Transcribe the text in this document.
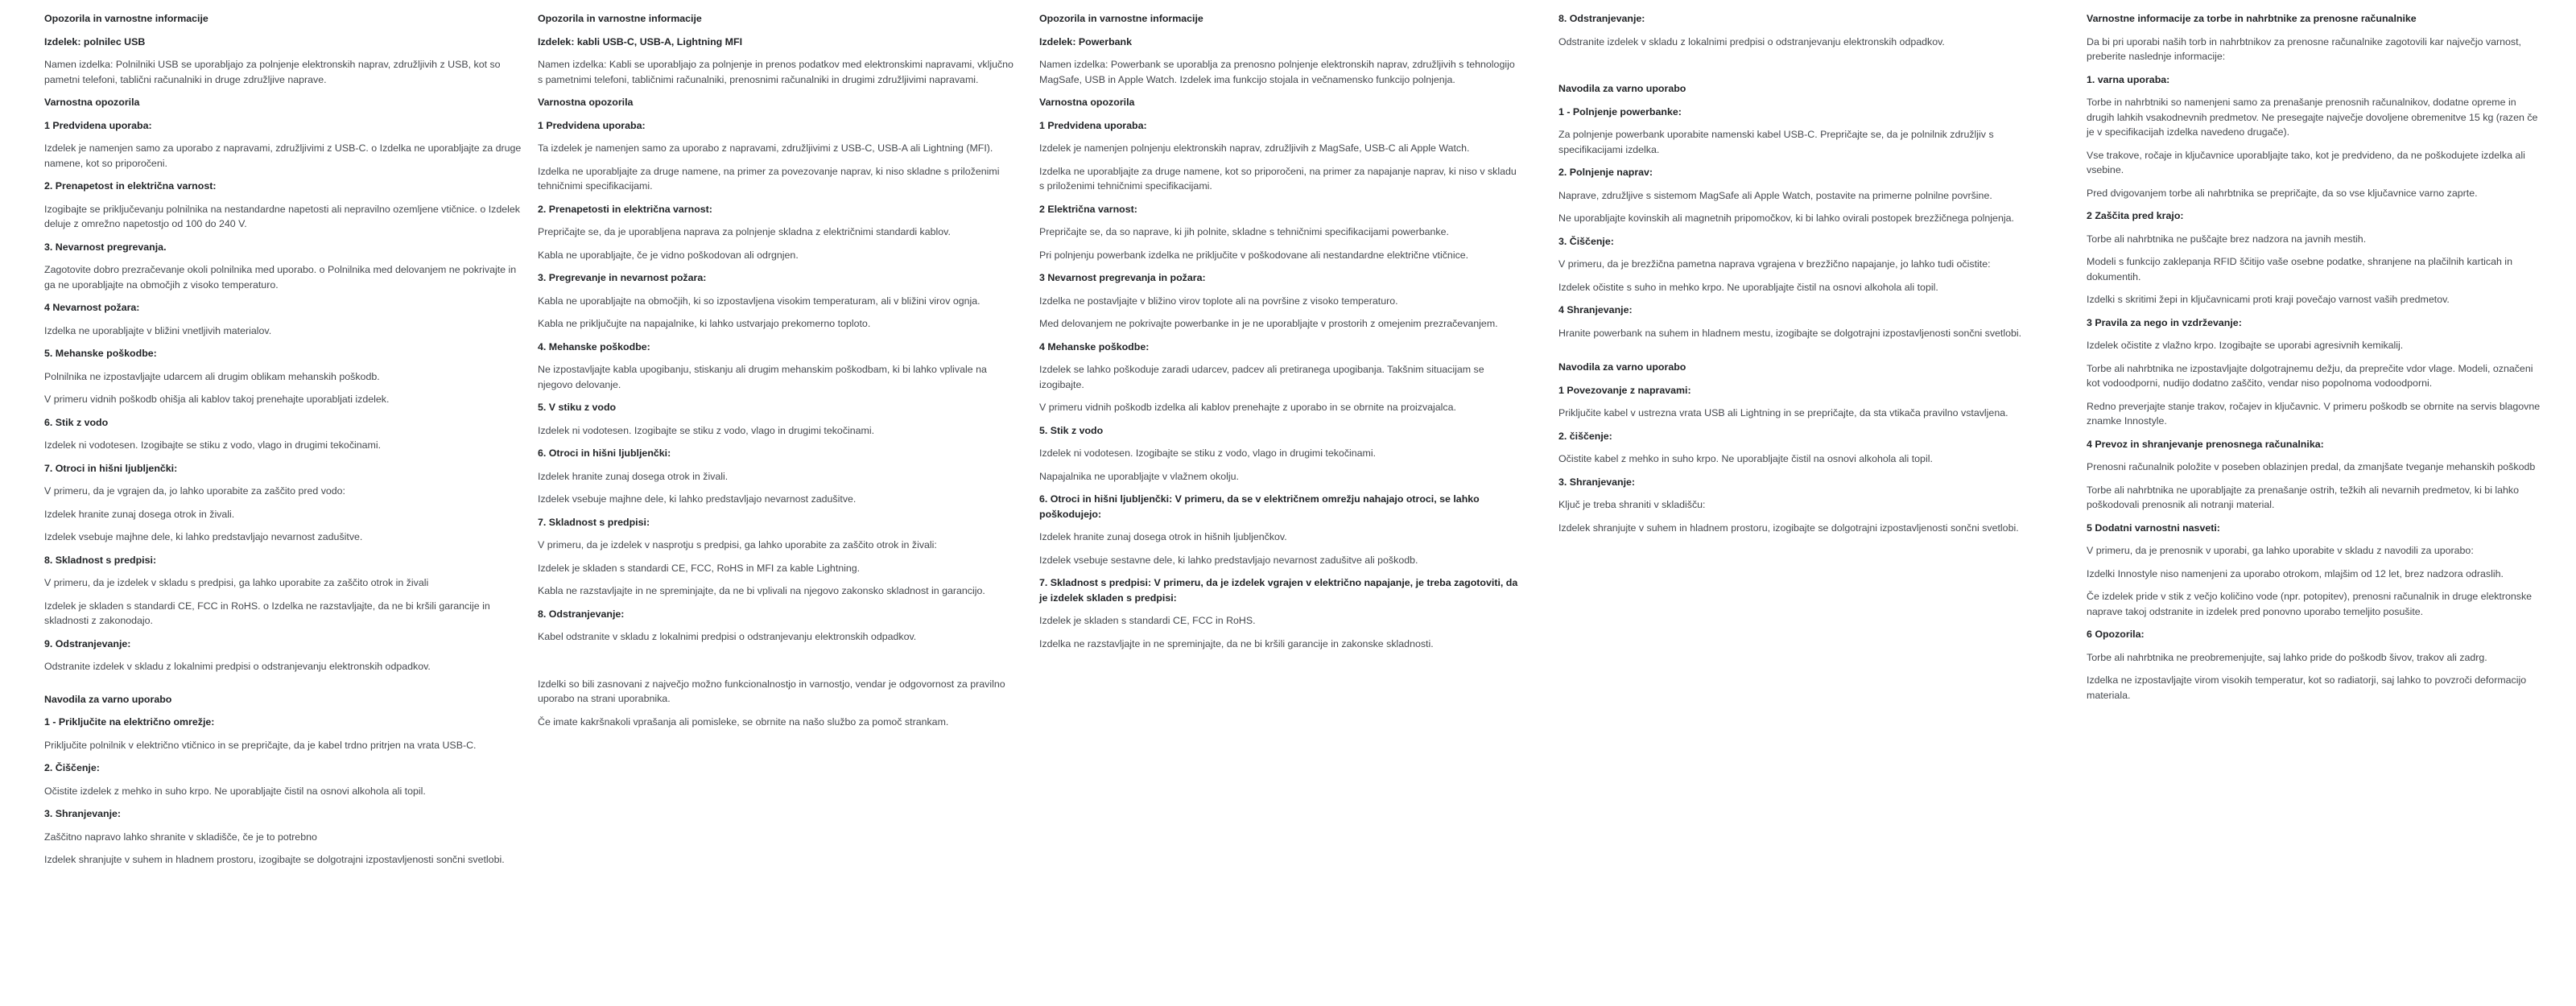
Opozorila in varnostne informacije
Izdelek: polnilec USB
Namen izdelka: Polnilniki USB se uporabljajo za polnjenje elektronskih naprav, združljivih z USB, kot so pametni telefoni, tablični računalniki in druge združljive naprave.
Varnostna opozorila
1 Predvidena uporaba:
Izdelek je namenjen samo za uporabo z napravami, združljivimi z USB-C. o Izdelka ne uporabljajte za druge namene, kot so priporočeni.
2. Prenapetost in električna varnost:
Izogibajte se priključevanju polnilnika na nestandardne napetosti ali nepravilno ozemljene vtičnice. o Izdelek deluje z omrežno napetostjo od 100 do 240 V.
3. Nevarnost pregrevanja.
Zagotovite dobro prezračevanje okoli polnilnika med uporabo. o Polnilnika med delovanjem ne pokrivajte in ga ne uporabljajte na območjih z visoko temperaturo.
4 Nevarnost požara:
Izdelka ne uporabljajte v bližini vnetljivih materialov.
5. Mehanske poškodbe:
Polnilnika ne izpostavljajte udarcem ali drugim oblikam mehanskih poškodb.
V primeru vidnih poškodb ohišja ali kablov takoj prenehajte uporabljati izdelek.
6. Stik z vodo
Izdelek ni vodotesen. Izogibajte se stiku z vodo, vlago in drugimi tekočinami.
7. Otroci in hišni ljubljenčki:
V primeru, da je vgrajen da, jo lahko uporabite za zaščito pred vodo:
Izdelek hranite zunaj dosega otrok in živali.
Izdelek vsebuje majhne dele, ki lahko predstavljajo nevarnost zadušitve.
8. Skladnost s predpisi:
V primeru, da je izdelek v skladu s predpisi, ga lahko uporabite za zaščito otrok in živali
Izdelek je skladen s standardi CE, FCC in RoHS. o Izdelka ne razstavljajte, da ne bi kršili garancije in skladnosti z zakonodajo.
9. Odstranjevanje:
Odstranite izdelek v skladu z lokalnimi predpisi o odstranjevanju elektronskih odpadkov.
Navodila za varno uporabo
1 - Priključite na električno omrežje:
Priključite polnilnik v električno vtičnico in se prepričajte, da je kabel trdno pritrjen na vrata USB-C.
2. Čiščenje:
Očistite izdelek z mehko in suho krpo. Ne uporabljajte čistil na osnovi alkohola ali topil.
3. Shranjevanje:
Zaščitno napravo lahko shranite v skladišče, če je to potrebno
Izdelek shranjujte v suhem in hladnem prostoru, izogibajte se dolgotrajni izpostavljenosti sončni svetlobi.
Opozorila in varnostne informacije
Izdelek: kabli USB-C, USB-A, Lightning MFI
Namen izdelka: Kabli se uporabljajo za polnjenje in prenos podatkov med elektronskimi napravami, vključno s pametnimi telefoni, tabličnimi računalniki, prenosnimi računalniki in drugimi združljivimi napravami.
Varnostna opozorila
1 Predvidena uporaba:
Ta izdelek je namenjen samo za uporabo z napravami, združljivimi z USB-C, USB-A ali Lightning (MFI).
Izdelka ne uporabljajte za druge namene, na primer za povezovanje naprav, ki niso skladne s priloženimi tehničnimi specifikacijami.
2. Prenapetosti in električna varnost:
Prepričajte se, da je uporabljena naprava za polnjenje skladna z električnimi standardi kablov.
Kabla ne uporabljajte, če je vidno poškodovan ali odrgnjen.
3. Pregrevanje in nevarnost požara:
Kabla ne uporabljajte na območjih, ki so izpostavljena visokim temperaturam, ali v bližini virov ognja.
Kabla ne priključujte na napajalnike, ki lahko ustvarjajo prekomerno toploto.
4. Mehanske poškodbe:
Ne izpostavljajte kabla upogibanju, stiskanju ali drugim mehanskim poškodbam, ki bi lahko vplivale na njegovo delovanje.
5. V stiku z vodo
Izdelek ni vodotesen. Izogibajte se stiku z vodo, vlago in drugimi tekočinami.
6. Otroci in hišni ljubljenčki:
Izdelek hranite zunaj dosega otrok in živali.
Izdelek vsebuje majhne dele, ki lahko predstavljajo nevarnost zadušitve.
7. Skladnost s predpisi:
V primeru, da je izdelek v nasprotju s predpisi, ga lahko uporabite za zaščito otrok in živali:
Izdelek je skladen s standardi CE, FCC, RoHS in MFI za kable Lightning.
Kabla ne razstavljajte in ne spreminjajte, da ne bi vplivali na njegovo zakonsko skladnost in garancijo.
8. Odstranjevanje:
Kabel odstranite v skladu z lokalnimi predpisi o odstranjevanju elektronskih odpadkov.
Izdelki so bili zasnovani z največjo možno funkcionalnostjo in varnostjo, vendar je odgovornost za pravilno uporabo na strani uporabnika.
Če imate kakršnakoli vprašanja ali pomisleke, se obrnite na našo službo za pomoč strankam.
Opozorila in varnostne informacije
Izdelek: Powerbank
Namen izdelka: Powerbank se uporablja za prenosno polnjenje elektronskih naprav, združljivih s tehnologijo MagSafe, USB in Apple Watch. Izdelek ima funkcijo stojala in večnamensko funkcijo polnjenja.
Varnostna opozorila
1 Predvidena uporaba:
Izdelek je namenjen polnjenju elektronskih naprav, združljivih z MagSafe, USB-C ali Apple Watch.
Izdelka ne uporabljajte za druge namene, kot so priporočeni, na primer za napajanje naprav, ki niso v skladu s priloženimi tehničnimi specifikacijami.
2 Električna varnost:
Prepričajte se, da so naprave, ki jih polnite, skladne s tehničnimi specifikacijami powerbanke.
Pri polnjenju powerbank izdelka ne priključite v poškodovane ali nestandardne električne vtičnice.
3 Nevarnost pregrevanja in požara:
Izdelka ne postavljajte v bližino virov toplote ali na površine z visoko temperaturo.
Med delovanjem ne pokrivajte powerbanke in je ne uporabljajte v prostorih z omejenim prezračevanjem.
4 Mehanske poškodbe:
Izdelek se lahko poškoduje zaradi udarcev, padcev ali pretiranega upogibanja. Takšnim situacijam se izogibajte.
V primeru vidnih poškodb izdelka ali kablov prenehajte z uporabo in se obrnite na proizvajalca.
5. Stik z vodo
Izdelek ni vodotesen. Izogibajte se stiku z vodo, vlago in drugimi tekočinami.
Napajalnika ne uporabljajte v vlažnem okolju.
6. Otroci in hišni ljubljenčki: V primeru, da se v električnem omrežju nahajajo otroci, se lahko poškodujejo:
Izdelek hranite zunaj dosega otrok in hišnih ljubljenčkov.
Izdelek vsebuje sestavne dele, ki lahko predstavljajo nevarnost zadušitve ali poškodb.
7. Skladnost s predpisi: V primeru, da je izdelek vgrajen v električno napajanje, je treba zagotoviti, da je izdelek skladen s predpisi:
Izdelek je skladen s standardi CE, FCC in RoHS.
Izdelka ne razstavljajte in ne spreminjajte, da ne bi kršili garancije in zakonske skladnosti.
8. Odstranjevanje:
Odstranite izdelek v skladu z lokalnimi predpisi o odstranjevanju elektronskih odpadkov.
Navodila za varno uporabo
1 - Polnjenje powerbanke:
Za polnjenje powerbank uporabite namenski kabel USB-C. Prepričajte se, da je polnilnik združljiv s specifikacijami izdelka.
2. Polnjenje naprav:
Naprave, združljive s sistemom MagSafe ali Apple Watch, postavite na primerne polnilne površine.
Ne uporabljajte kovinskih ali magnetnih pripomočkov, ki bi lahko ovirali postopek brezžičnega polnjenja.
3. Čiščenje:
V primeru, da je brezžična pametna naprava vgrajena v brezžično napajanje, jo lahko tudi očistite:
Izdelek očistite s suho in mehko krpo. Ne uporabljajte čistil na osnovi alkohola ali topil.
4 Shranjevanje:
Hranite powerbank na suhem in hladnem mestu, izogibajte se dolgotrajni izpostavljenosti sončni svetlobi.
Navodila za varno uporabo
1 Povezovanje z napravami:
Priključite kabel v ustrezna vrata USB ali Lightning in se prepričajte, da sta vtikača pravilno vstavljena.
2. čiščenje:
Očistite kabel z mehko in suho krpo. Ne uporabljajte čistil na osnovi alkohola ali topil.
3. Shranjevanje:
Ključ je treba shraniti v skladišču:
Izdelek shranjujte v suhem in hladnem prostoru, izogibajte se dolgotrajni izpostavljenosti sončni svetlobi.
Varnostne informacije za torbe in nahrbtnike za prenosne računalnike
Da bi pri uporabi naših torb in nahrbtnikov za prenosne računalnike zagotovili kar največjo varnost, preberite naslednje informacije:
1. varna uporaba:
Torbe in nahrbtniki so namenjeni samo za prenašanje prenosnih računalnikov, dodatne opreme in drugih lahkih vsakodnevnih predmetov. Ne presegajte največje dovoljene obremenitve 15 kg (razen če je v specifikacijah izdelka navedeno drugače).
Vse trakove, ročaje in ključavnice uporabljajte tako, kot je predvideno, da ne poškodujete izdelka ali vsebine.
Pred dvigovanjem torbe ali nahrbtnika se prepričajte, da so vse ključavnice varno zaprte.
2 Zaščita pred krajo:
Torbe ali nahrbtnika ne puščajte brez nadzora na javnih mestih.
Modeli s funkcijo zaklepanja RFID ščitijo vaše osebne podatke, shranjene na plačilnih karticah in dokumentih.
Izdelki s skritimi žepi in ključavnicami proti kraji povečajo varnost vaših predmetov.
3 Pravila za nego in vzdrževanje:
Izdelek očistite z vlažno krpo. Izogibajte se uporabi agresivnih kemikalij.
Torbe ali nahrbtnika ne izpostavljajte dolgotrajnemu dežju, da preprečite vdor vlage. Modeli, označeni kot vodoodporni, nudijo dodatno zaščito, vendar niso popolnoma vodoodporni.
Redno preverjajte stanje trakov, ročajev in ključavnic. V primeru poškodb se obrnite na servis blagovne znamke Innostyle.
4 Prevoz in shranjevanje prenosnega računalnika:
Prenosni računalnik položite v poseben oblazinjen predal, da zmanjšate tveganje mehanskih poškodb
Torbe ali nahrbtnika ne uporabljajte za prenašanje ostrih, težkih ali nevarnih predmetov, ki bi lahko poškodovali prenosnik ali notranji material.
5 Dodatni varnostni nasveti:
V primeru, da je prenosnik v uporabi, ga lahko uporabite v skladu z navodili za uporabo:
Izdelki Innostyle niso namenjeni za uporabo otrokom, mlajšim od 12 let, brez nadzora odraslih.
Če izdelek pride v stik z večjo količino vode (npr. potopitev), prenosni računalnik in druge elektronske naprave takoj odstranite in izdelek pred ponovno uporabo temeljito posušite.
6 Opozorila:
Torbe ali nahrbtnika ne preobremenjujte, saj lahko pride do poškodb šivov, trakov ali zadrg.
Izdelka ne izpostavljajte virom visokih temperatur, kot so radiatorji, saj lahko to povzroči deformacijo materiala.
